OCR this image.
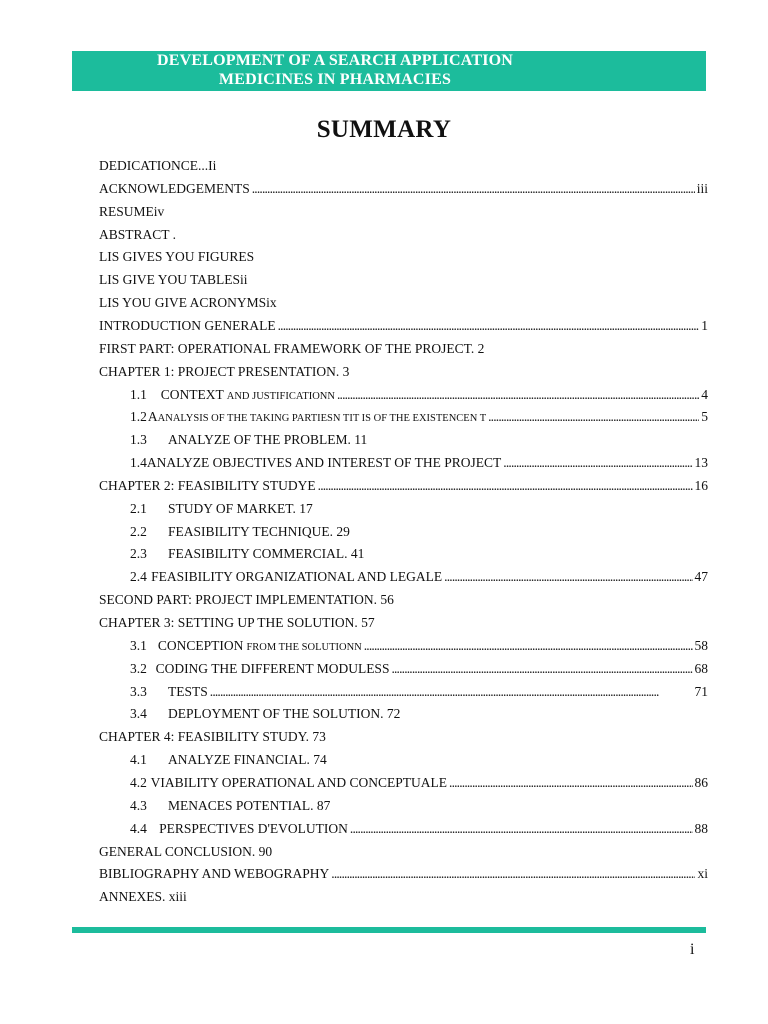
DEVELOPMENT OF A SEARCH APPLICATION
MEDICINES IN PHARMACIES
SUMMARY
DEDICATIONCE...Ii
ACKNOWLEDGEMENTS . . .	iii
RESUMEiv
ABSTRACT .
LIS GIVES YOU FIGURES
LIS GIVE YOU TABLESii
LIS YOU GIVE ACRONYMSix
INTRODUCTION GENERALE . . .	1
FIRST PART: OPERATIONAL FRAMEWORK OF THE PROJECT. 2
CHAPTER 1: PROJECT PRESENTATION. 3
1.1	CONTEXT AND JUSTIFICATIONN . . .	4
1.2 A ANALYSIS OF THE TAKING PARTIESN T IT IS OF THE EXISTENCEN T . . .	5
1.3	ANALYZE OF THE PROBLEM. 11
1.4 ANALYZE OBJECTIVES AND INTEREST OF THE PROJECT . . .	13
CHAPTER 2: FEASIBILITY STUDYE . . .	16
2.1	STUDY OF MARKET. 17
2.2	FEASIBILITY TECHNIQUE. 29
2.3	FEASIBILITY COMMERCIAL. 41
2.4 FEASIBILITY ORGANIZATIONAL AND LEGALE . . .	47
SECOND PART: PROJECT IMPLEMENTATION. 56
CHAPTER 3: SETTING UP THE SOLUTION. 57
3.1 CONCEPTION FROM THE SOLUTIONN . . .	58
3.2 CODING THE DIFFERENT MODULESS . . .	68
3.3	TESTS . . .	71
3.4	DEPLOYMENT OF THE SOLUTION. 72
CHAPTER 4: FEASIBILITY STUDY. 73
4.1	ANALYZE FINANCIAL. 74
4.2 VIABILITY OPERATIONAL AND CONCEPTUALE . . .	86
4.3	MENACES POTENTIAL. 87
4.4 PERSPECTIVES D'EVOLUTION . . .	88
GENERAL CONCLUSION. 90
BIBLIOGRAPHY AND WEBOGRAPHY . . .	xi
ANNEXES. xiii
i
